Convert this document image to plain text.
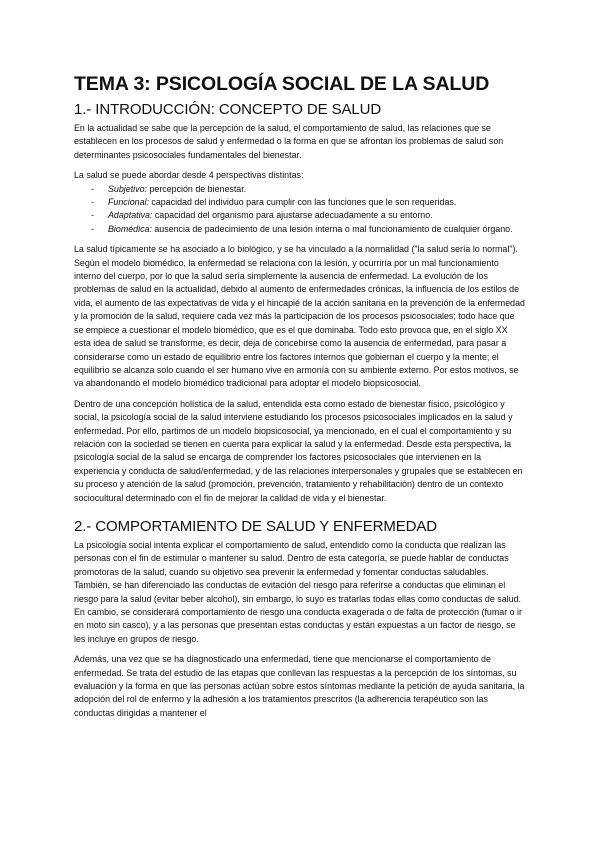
TEMA 3: PSICOLOGÍA SOCIAL DE LA SALUD
1.- INTRODUCCIÓN: CONCEPTO DE SALUD

En la actualidad se sabe que la percepción de la salud, el comportamiento de salud, las relaciones que se establecen en los procesos de salud y enfermedad o la forma en que se afrontan los problemas de salud son determinantes psicosociales fundamentales del bienestar.

La salud se puede abordar desde 4 perspectivas distintas:

- Subjetivo: percepción de bienestar.
- Funcional: capacidad del individuo para cumplir con las funciones que le son requeridas.
- Adaptativa: capacidad del organismo para ajustarse adecuadamente a su entorno.
- Biomédica: ausencia de padecimiento de una lesión interna o mal funcionamiento de cualquier órgano.

La salud típicamente se ha asociado a lo biológico, y se ha vinculado a la normalidad ("la salud sería lo normal"). Según el modelo biomédico, la enfermedad se relaciona con la lesión, y ocurriría por un mal funcionamiento interno del cuerpo, por lo que la salud sería simplemente la ausencia de enfermedad. La evolución de los problemas de salud en la actualidad, debido al aumento de enfermedades crónicas, la influencia de los estilos de vida, el aumento de las expectativas de vida y el hincapié de la acción sanitaria en la prevención de la enfermedad y la promoción de la salud, requiere cada vez más la participación de los procesos psicosociales; todo hace que se empiece a cuestionar el modelo biomédico, que es el que dominaba. Todo esto provoca que, en el siglo XX esta idea de salud se transforme, es decir, deja de concebirse como la ausencia de enfermedad, para pasar a considerarse como un estado de equilibrio entre los factores internos que gobiernan el cuerpo y la mente; el equilibrio se alcanza solo cuando el ser humano vive en armonía con su ambiente externo. Por estos motivos, se va abandonando el modelo biomédico tradicional para adoptar el modelo biopsicosocial.

Dentro de una concepción holística de la salud, entendida esta como estado de bienestar físico, psicológico y social, la psicología social de la salud interviene estudiando los procesos psicosociales implicados en la salud y enfermedad. Por ello, partimos de un modelo biopsicosocial, ya mencionado, en el cual el comportamiento y su relación con la sociedad se tienen en cuenta para explicar la salud y la enfermedad. Desde esta perspectiva, la psicología social de la salud se encarga de comprender los factores psicosociales que intervienen en la experiencia y conducta de salud/enfermedad, y de las relaciones interpersonales y grupales que se establecen en su proceso y atención de la salud (promoción, prevención, tratamiento y rehabilitación) dentro de un contexto sociocultural determinado con el fin de mejorar la calidad de vida y el bienestar.

2.- COMPORTAMIENTO DE SALUD Y ENFERMEDAD

La psicología social intenta explicar el comportamiento de salud, entendido como la conducta que realizan las personas con el fin de estimular o mantener su salud. Dentro de esta categoría, se puede hablar de conductas promotoras de la salud, cuando su objetivo sea prevenir la enfermedad y fomentar conductas saludables. También, se han diferenciado las conductas de evitación del riesgo para referirse a conductas que eliminan el riesgo para la salud (evitar beber alcohol), sin embargo, lo suyo es tratarlas todas ellas como conductas de salud. En cambio, se considerará comportamiento de riesgo una conducta exagerada o de falta de protección (fumar o ir en moto sin casco), y a las personas que presentan estas conductas y están expuestas a un factor de riesgo, se les incluye en grupos de riesgo.

Además, una vez que se ha diagnosticado una enfermedad, tiene que mencionarse el comportamiento de enfermedad. Se trata del estudio de las etapas que conllevan las respuestas a la percepción de los síntomas, su evaluación y la forma en que las personas actúan sobre estos síntomas mediante la petición de ayuda sanitaria, la adopción del rol de enfermo y la adhesión a los tratamientos prescritos (la adherencia terapéutico son las conductas dirigidas a mantener el
